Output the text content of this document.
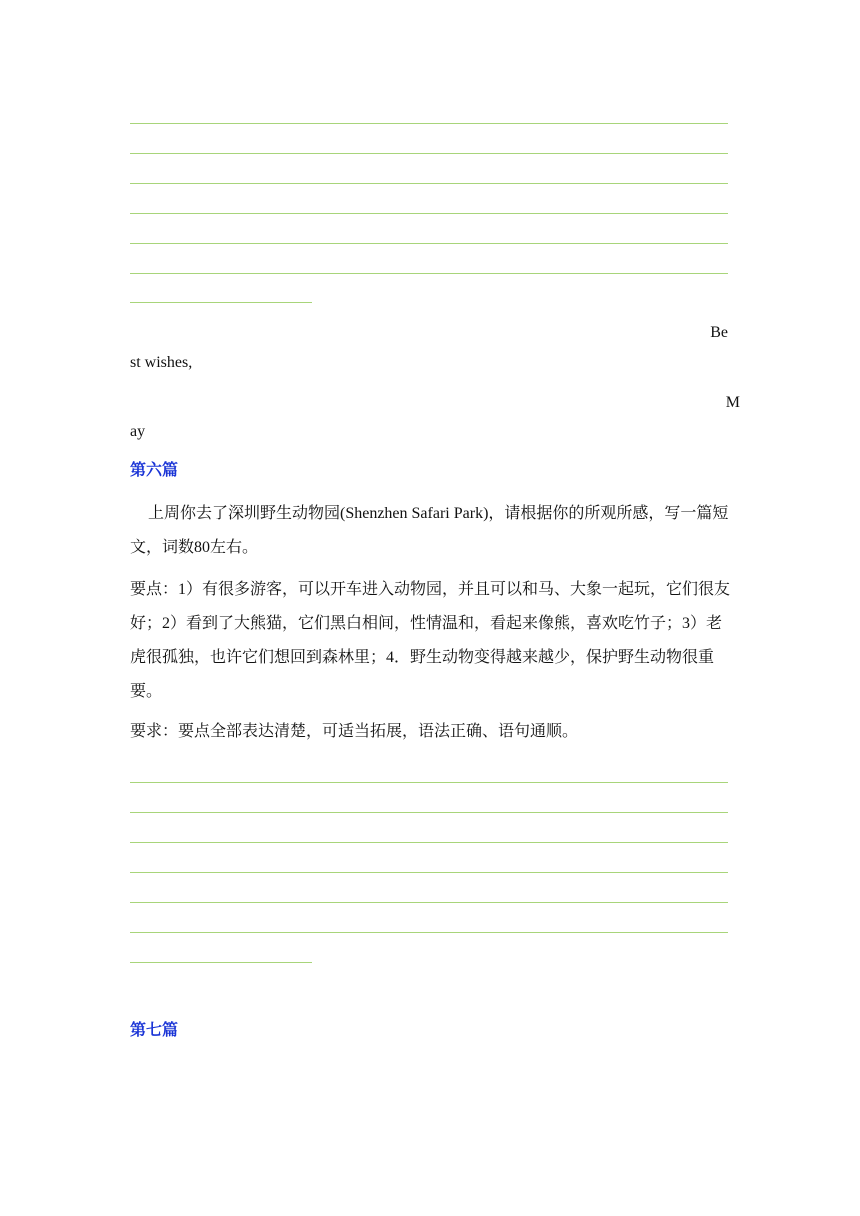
Be
st wishes,
M
ay
第六篇
上周你去了深圳野生动物园(Shenzhen Safari Park)，请根据你的所观所感，写一篇短文，词数80左右。
要点：1）有很多游客，可以开车进入动物园，并且可以和马、大象一起玩，它们很友好；2）看到了大熊猫，它们黑白相间，性情温和，看起来像熊，喜欢吃竹子；3）老虎很孤独，也许它们想回到森林里；4．野生动物变得越来越少，保护野生动物很重要。
要求：要点全部表达清楚，可适当拓展，语法正确、语句通顺。
第七篇
